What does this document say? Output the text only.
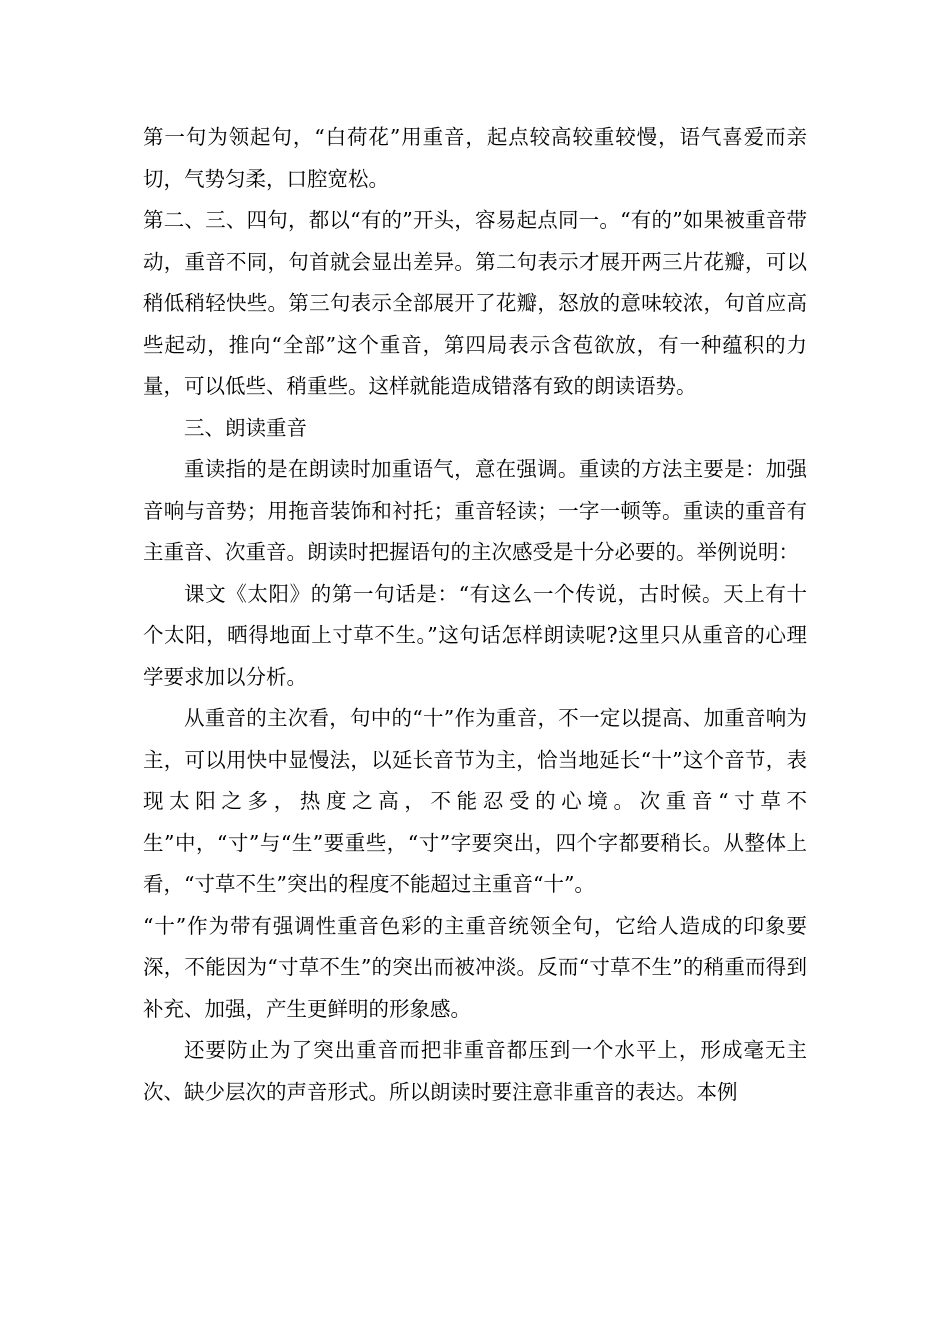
第一句为领起句，“白荷花”用重音，起点较高较重较慢，语气喜爱而亲切，气势匀柔，口腔宽松。

第二、三、四句，都以“有的”开头，容易起点同一。“有的”如果被重音带动，重音不同，句首就会显出差异。第二句表示才展开两三片花瓣，可以稍低稍轻快些。第三句表示全部展开了花瓣，怒放的意味较浓，句首应高些起动，推向“全部”这个重音，第四局表示含苞欲放，有一种蕴积的力量，可以低些、稍重些。这样就能造成错落有致的朗读语势。

三、朗读重音

重读指的是在朗读时加重语气，意在强调。重读的方法主要是：加强音响与音势；用拖音装饰和衬托；重音轻读；一字一顿等。重读的重音有主重音、次重音。朗读时把握语句的主次感受是十分必要的。举例说明：

课文《太阳》的第一句话是：“有这么一个传说，古时候。天上有十个太阳，晒得地面上寸草不生。”这句话怎样朗读呢?这里只从重音的心理学要求加以分析。

从重音的主次看，句中的“十”作为重音，不一定以提高、加重音响为主，可以用快中显慢法，以延长音节为主，恰当地延长“十”这个音节，表现太阳之多，热度之高，不能忍受的心境。次重音“寸草不生”中，“寸”与“生”要重些，“寸”字要突出，四个字都要稍长。从整体上看，“寸草不生”突出的程度不能超过主重音“十”。

“十”作为带有强调性重音色彩的主重音统领全句，它给人造成的印象要深，不能因为“寸草不生”的突出而被冲淡。反而“寸草不生”的稍重而得到补充、加强，产生更鲜明的形象感。

还要防止为了突出重音而把非重音都压到一个水平上，形成毫无主次、缺少层次的声音形式。所以朗读时要注意非重音的表达。本例
